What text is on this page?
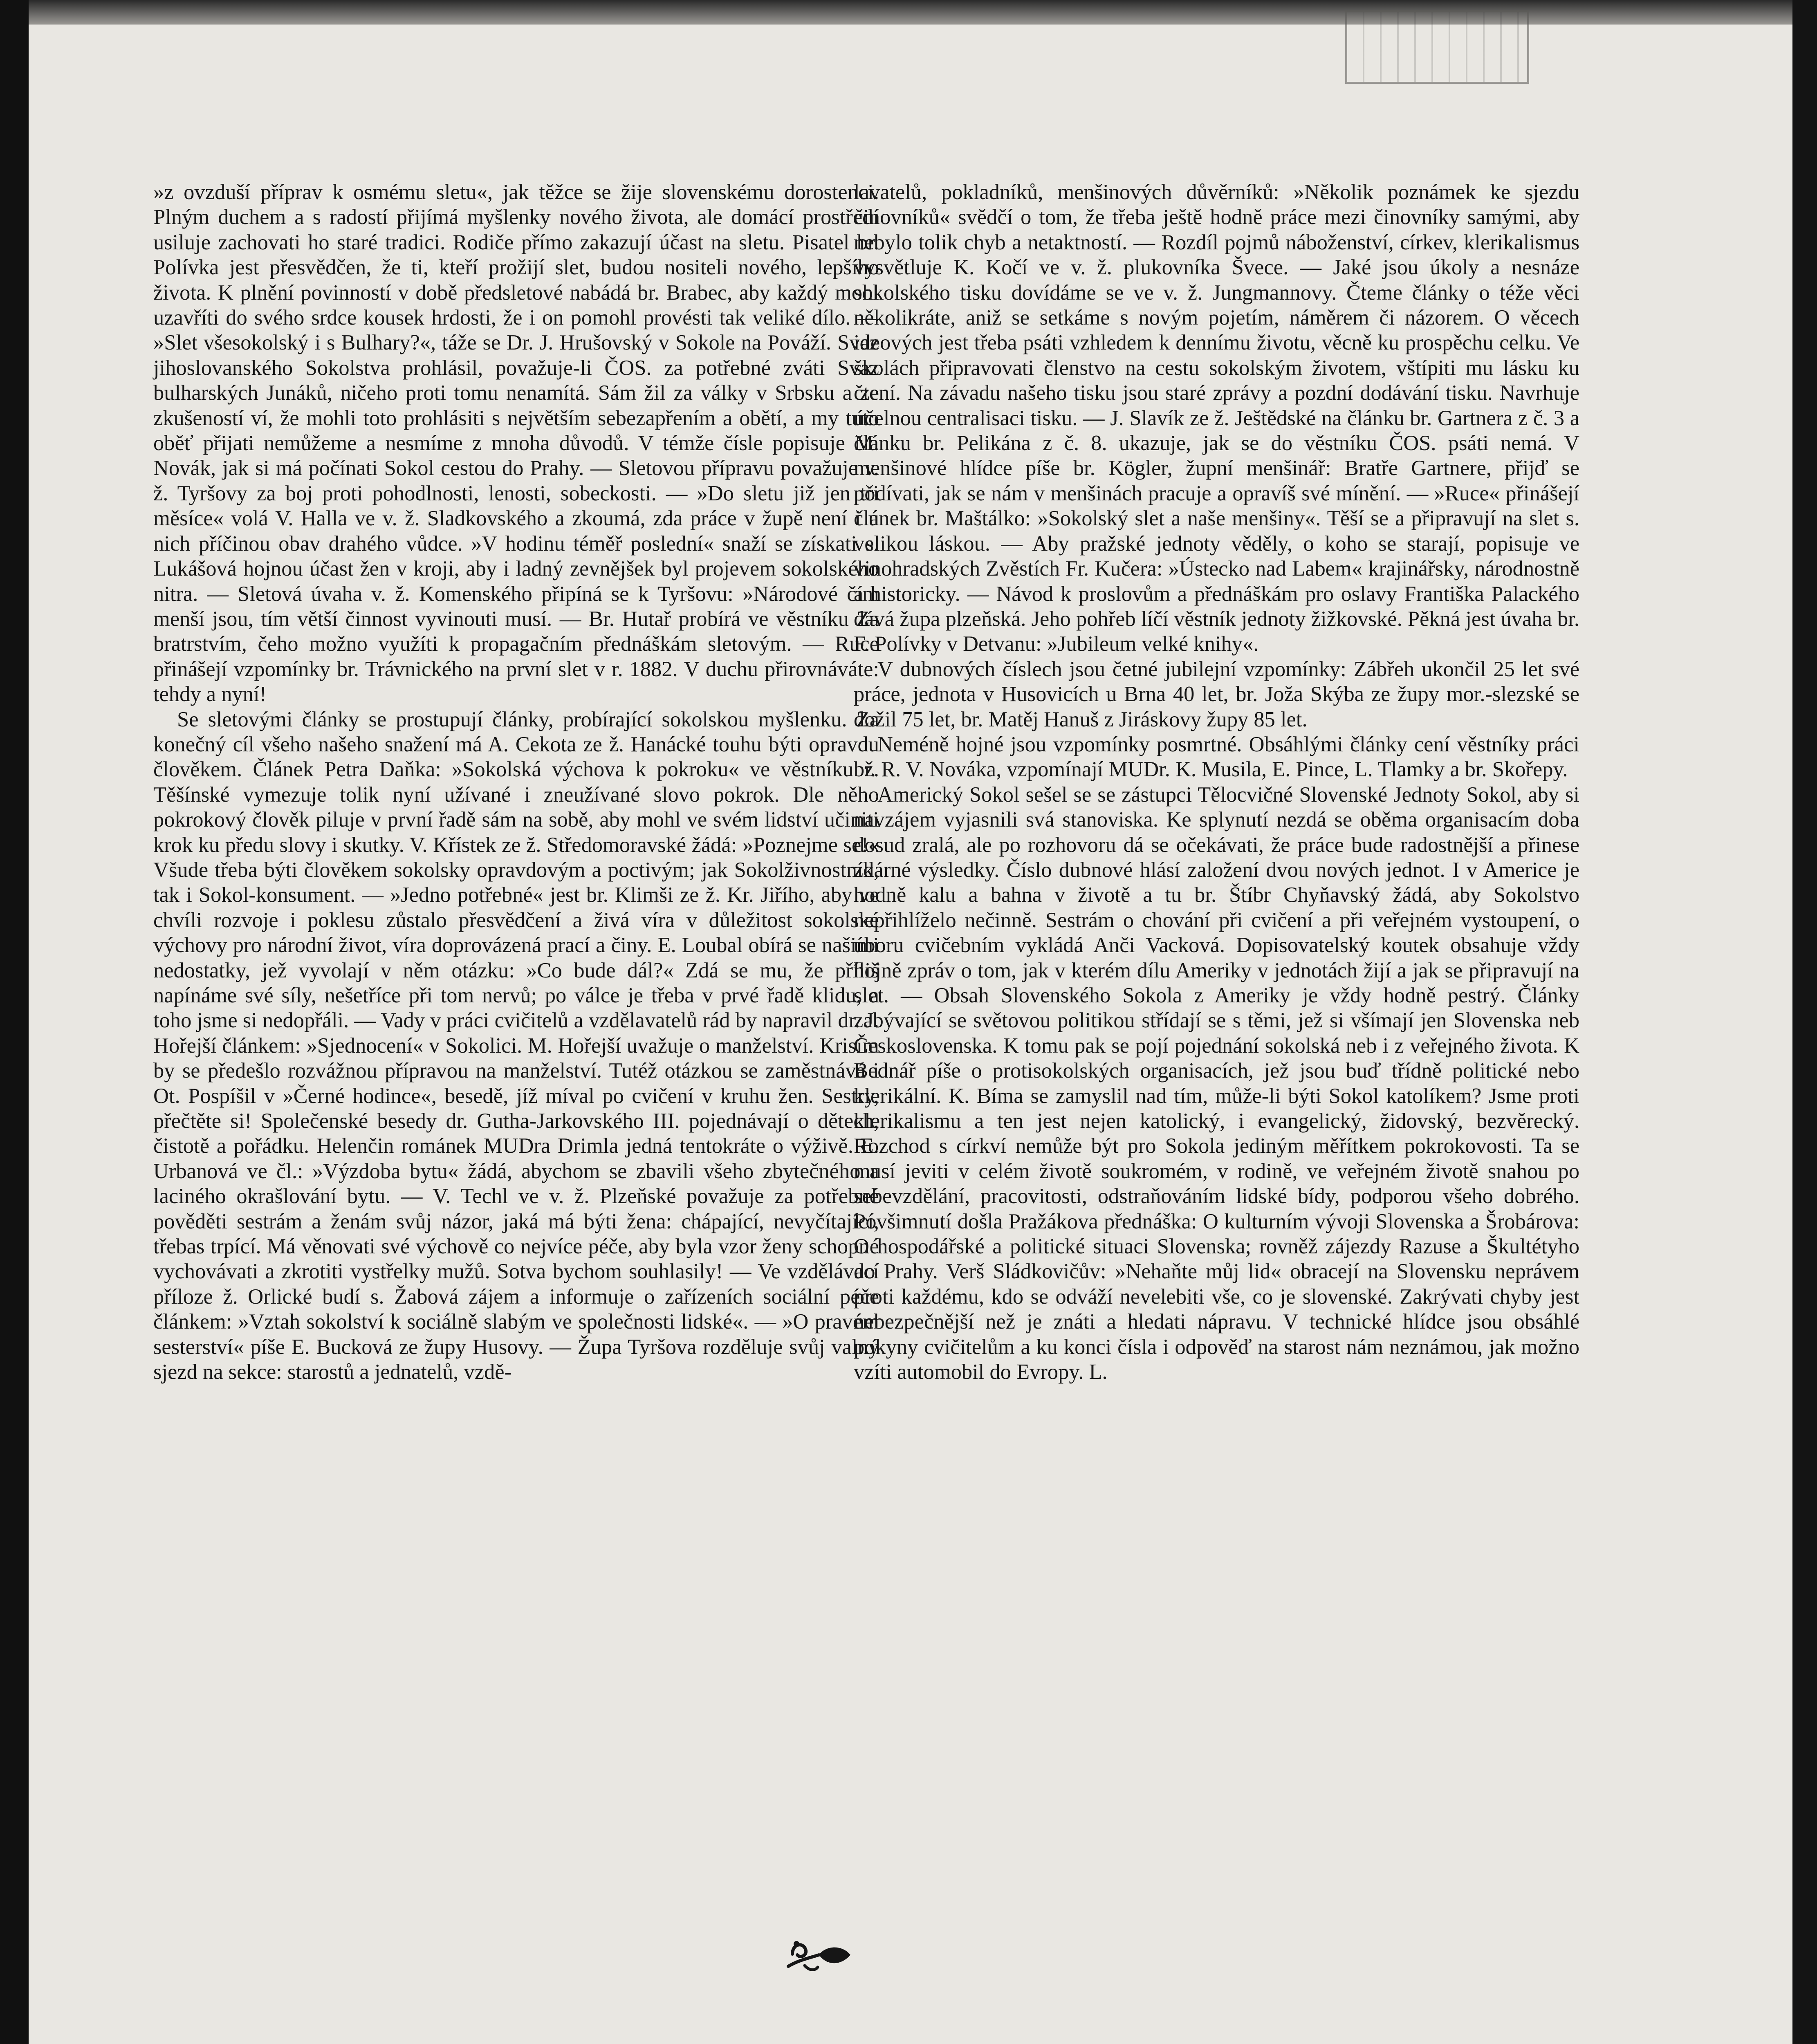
»z ovzduší příprav k osmému sletu«, jak těžce se žije slovenskému dorostenci. Plným duchem a s radostí přijímá myšlenky nového života, ale domácí prostředí usiluje zachovati ho staré tradici. Rodiče přímo zakazují účast na sletu. Pisatel br. Polívka jest přesvědčen, že ti, kteří prožijí slet, budou nositeli nového, lepšího života. K plnění povinností v době předsletové nabádá br. Brabec, aby každý mohl uzavříti do svého srdce kousek hrdosti, že i on pomohl provésti tak veliké dílo. — »Slet všesokolský i s Bulhary?«, táže se Dr. J. Hrušovský v Sokole na Pováží. Svaz jihoslovanského Sokolstva prohlásil, považuje-li ČOS. za potřebné zváti Svaz bulharských Junáků, ničeho proti tomu nenamítá. Sám žil za války v Srbsku a ze zkušeností ví, že mohli toto prohlásiti s největším sebezapřením a obětí, a my tuto oběť přijati nemůžeme a nesmíme z mnoha důvodů. V témže čísle popisuje M. Novák, jak si má počínati Sokol cestou do Prahy. — Sletovou přípravu považuje v. ž. Tyršovy za boj proti pohodlnosti, lenosti, sobeckosti. — »Do sletu již jen tři měsíce« volá V. Halla ve v. ž. Sladkovského a zkoumá, zda práce v župě není i u nich příčinou obav drahého vůdce. »V hodinu téměř poslední« snaží se získati s. Lukášová hojnou účast žen v kroji, aby i ladný zevnějšek byl projevem sokolského nitra. — Sletová úvaha v. ž. Komenského připíná se k Tyršovu: »Národové čím menší jsou, tím větší činnost vyvinouti musí. — Br. Hutař probírá ve věstníku Za bratrstvím, čeho možno využíti k propagačním přednáškám sletovým. — Ruce přinášejí vzpomínky br. Trávnického na první slet v r. 1882. V duchu přirovnáváte: tehdy a nyní!

Se sletovými články se prostupují články, probírající sokolskou myšlenku. Za konečný cíl všeho našeho snažení má A. Cekota ze ž. Hanácké touhu býti opravdu člověkem. Článek Petra Daňka: »Sokolská výchova k pokroku« ve věstníku ž. Těšínské vymezuje tolik nyní užívané i zneužívané slovo pokrok. Dle něho pokrokový člověk piluje v první řadě sám na sobě, aby mohl ve svém lidství učiniti krok ku předu slovy i skutky. V. Křístek ze ž. Středomoravské žádá: »Poznejme se!« Všude třeba býti člověkem sokolsky opravdovým a poctivým; jak Sokolživnostník, tak i Sokol-konsument. — »Jedno potřebné« jest br. Klimši ze ž. Kr. Jiřího, aby ve chvíli rozvoje i poklesu zůstalo přesvědčení a živá víra v důležitost sokolské výchovy pro národní život, víra doprovázená prací a činy. E. Loubal obírá se našimi nedostatky, jež vyvolají v něm otázku: »Co bude dál?« Zdá se mu, že příliš napínáme své síly, nešetříce při tom nervů; po válce je třeba v prvé řadě klidu, a toho jsme si nedopřáli. — Vady v práci cvičitelů a vzdělavatelů rád by napravil dr. J. Hořejší článkem: »Sjednocení« v Sokolici. M. Hořejší uvažuje o manželství. Krisím by se předešlo rozvážnou přípravou na manželství. Tutéž otázkou se zaměstnává i Ot. Pospíšil v »Černé hodince«, besedě, jíž míval po cvičení v kruhu žen. Sestry, přečtěte si! Společenské besedy dr. Gutha-Jarkovského III. pojednávají o dětech, čistotě a pořádku. Helenčin románek MUDra Drimla jedná tentokráte o výživě. E. Urbanová ve čl.: »Výzdoba bytu« žádá, abychom se zbavili všeho zbytečného a laciného okrašlování bytu. — V. Techl ve v. ž. Plzeňské považuje za potřebné pověděti sestrám a ženám svůj názor, jaká má býti žena: chápající, nevyčítající, třebas trpící. Má věnovati své výchově co nejvíce péče, aby byla vzor ženy schopné vychovávati a zkrotiti vystřelky mužů. Sotva bychom souhlasily! — Ve vzdělávací příloze ž. Orlické budí s. Žabová zájem a informuje o zařízeních sociální péče článkem: »Vztah sokolství k sociálně slabým ve společnosti lidské«. — »O pravém sesterství« píše E. Bucková ze župy Husovy. — Župa Tyršova rozděluje svůj valný sjezd na sekce: starostů a jednatelů, vzdě-

lavatelů, pokladníků, menšinových důvěrníků: »Několik poznámek ke sjezdu činovníků« svědčí o tom, že třeba ještě hodně práce mezi činovníky samými, aby nebylo tolik chyb a netaktností. — Rozdíl pojmů náboženství, církev, klerikalismus vysvětluje K. Kočí ve v. ž. plukovníka Švece. — Jaké jsou úkoly a nesnáze sokolského tisku dovídáme se ve v. ž. Jungmannovy. Čteme články o téže věci několikráte, aniž se setkáme s novým pojetím, náměrem či názorem. O věcech ideových jest třeba psáti vzhledem k dennímu životu, věcně ku prospěchu celku. Ve školách připravovati členstvo na cestu sokolským životem, vštípiti mu lásku ku čtení. Na závadu našeho tisku jsou staré zprávy a pozdní dodávání tisku. Navrhuje účelnou centralisaci tisku. — J. Slavík ze ž. Ještědské na článku br. Gartnera z č. 3 a článku br. Pelikána z č. 8. ukazuje, jak se do věstníku ČOS. psáti nemá. V menšinové hlídce píše br. Kögler, župní menšinář: Bratře Gartnere, přijď se podívati, jak se nám v menšinách pracuje a opravíš své mínění. — »Ruce« přinášejí článek br. Maštálko: »Sokolský slet a naše menšiny«. Těší se a připravují na slet s. velikou láskou. — Aby pražské jednoty věděly, o koho se starají, popisuje ve vinohradských Zvěstích Fr. Kučera: »Ústecko nad Labem« krajinářsky, národnostně a historicky. — Návod k proslovům a přednáškám pro oslavy Františka Palackého dává župa plzeňská. Jeho pohřeb líčí věstník jednoty žižkovské. Pěkná jest úvaha br. F. Polívky v Detvanu: »Jubileum velké knihy«.

V dubnových číslech jsou četné jubilejní vzpomínky: Zábřeh ukončil 25 let své práce, jednota v Husovicích u Brna 40 let, br. Joža Skýba ze župy mor.-slezské se dožil 75 let, br. Matěj Hanuš z Jiráskovy župy 85 let.

Neméně hojné jsou vzpomínky posmrtné. Obsáhlými články cení věstníky práci br. R. V. Nováka, vzpomínají MUDr. K. Musila, E. Pince, L. Tlamky a br. Skořepy.

Americký Sokol sešel se se zástupci Tělocvičné Slovenské Jednoty Sokol, aby si navzájem vyjasnili svá stanoviska. Ke splynutí nezdá se oběma organisacím doba dosud zralá, ale po rozhovoru dá se očekávati, že práce bude radostnější a přinese zdárné výsledky. Číslo dubnové hlásí založení dvou nových jednot. I v Americe je hodně kalu a bahna v životě a tu br. Štíbr Chyňavský žádá, aby Sokolstvo nepřihlíželo nečinně. Sestrám o chování při cvičení a při veřejném vystoupení, o úboru cvičebním vykládá Anči Vacková. Dopisovatelský koutek obsahuje vždy hojně zpráv o tom, jak v kterém dílu Ameriky v jednotách žijí a jak se připravují na slet. — Obsah Slovenského Sokola z Ameriky je vždy hodně pestrý. Články zabývající se světovou politikou střídají se s těmi, jež si všímají jen Slovenska neb Československa. K tomu pak se pojí pojednání sokolská neb i z veřejného života. K Bednář píše o protisokolských organisacích, jež jsou buď třídně politické nebo klerikální. K. Bíma se zamyslil nad tím, může-li býti Sokol katolíkem? Jsme proti klerikalismu a ten jest nejen katolický, i evangelický, židovský, bezvěrecký. Rozchod s církví nemůže být pro Sokola jediným měřítkem pokrokovosti. Ta se musí jeviti v celém životě soukromém, v rodině, ve veřejném životě snahou po sebevzdělání, pracovitosti, odstraňováním lidské bídy, podporou všeho dobrého. Povšimnutí došla Pražákova přednáška: O kulturním vývoji Slovenska a Šrobárova: O hospodářské a politické situaci Slovenska; rovněž zájezdy Razuse a Škultétyho do Prahy. Verš Sládkovičův: »Nehaňte můj lid« obracejí na Slovensku neprávem proti každému, kdo se odváží nevelebiti vše, co je slovenské. Zakrývati chyby jest nebezpečnější než je znáti a hledati nápravu. V technické hlídce jsou obsáhlé pokyny cvičitelům a ku konci čísla i odpověď na starost nám neznámou, jak možno vzíti automobil do Evropy. L.
